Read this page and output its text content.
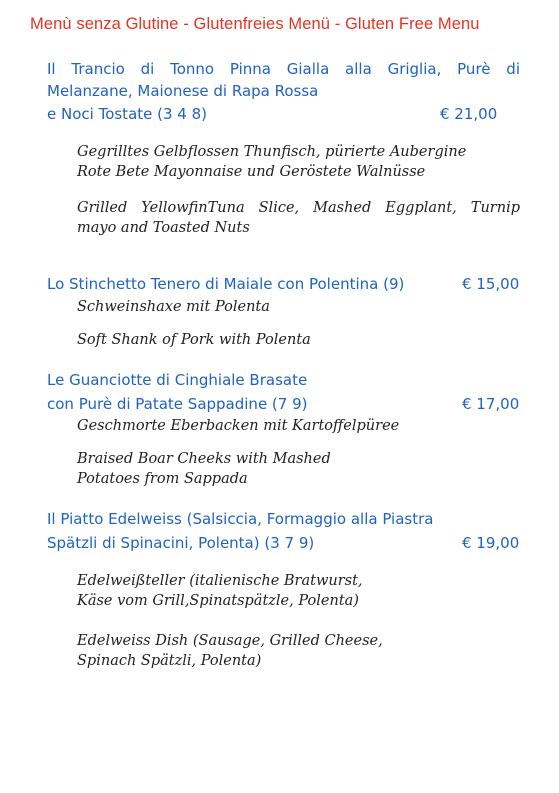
Menù senza Glutine - Glutenfreies Menü - Gluten Free Menu
Il Trancio di Tonno Pinna Gialla alla Griglia, Purè di
Melanzane, Maionese di Rapa Rossa
e Noci Tostate (3 4 8)	€ 21,00
Gegrilltes Gelbflossen Thunfisch, pürierte Aubergine
Rote Bete Mayonnaise und Geröstete Walnüsse
Grilled YellowfinTuna Slice, Mashed Eggplant, Turnip
mayo and Toasted Nuts
Lo Stinchetto Tenero di Maiale con Polentina (9)	€ 15,00
Schweinshaxe mit Polenta
Soft Shank of Pork with Polenta
Le Guanciotte di Cinghiale Brasate
con Purè di Patate Sappadine (7 9)	€ 17,00
Geschmorte Eberbacken mit Kartoffelpüree
Braised Boar Cheeks with Mashed
Potatoes from Sappada
Il Piatto Edelweiss (Salsiccia, Formaggio alla Piastra
Spätzli di Spinacini, Polenta) (3 7 9)	€ 19,00
Edelweißteller (italienische Bratwurst,
Käse vom Grill,Spinatspätzle, Polenta)
Edelweiss Dish (Sausage, Grilled Cheese,
Spinach Spätzli, Polenta)
